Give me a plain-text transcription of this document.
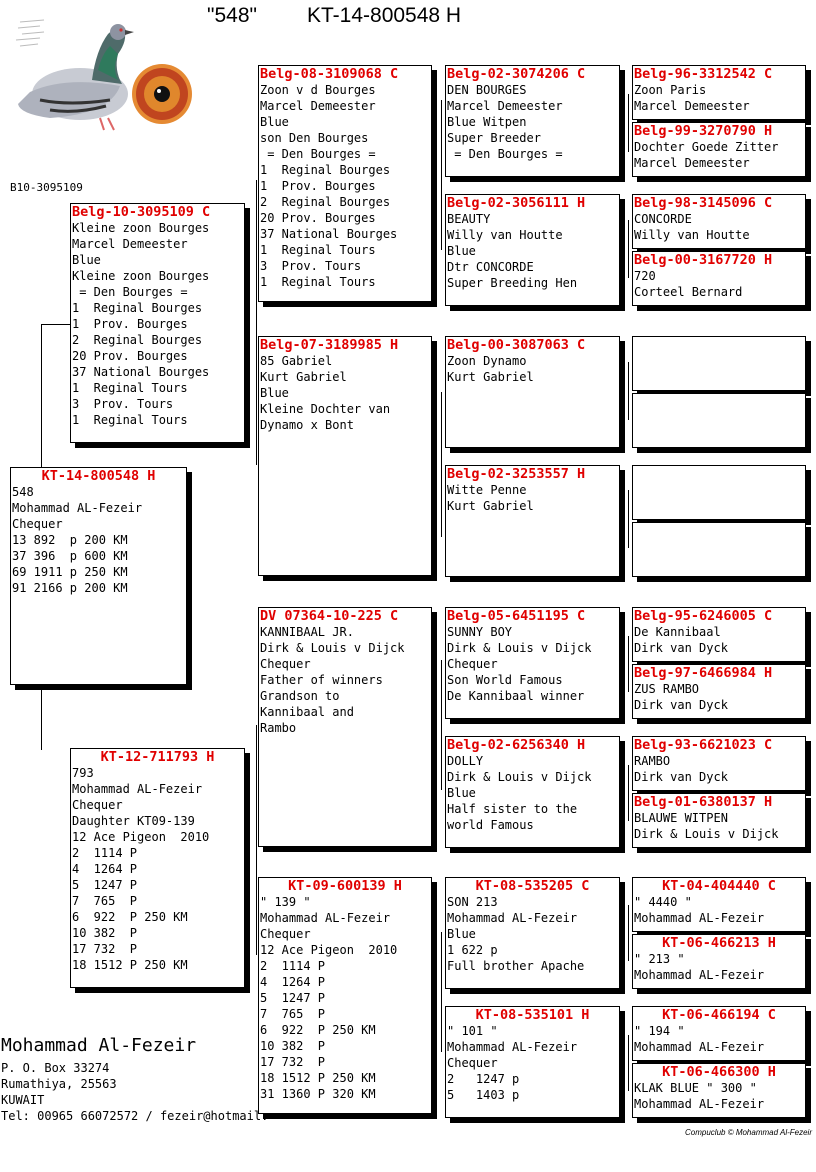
"548" KT-14-800548 H
B10-3095109
KT-14-800548 H
548
Mohammad AL-Fezeir
Chequer
13 892  p 200 KM
37 396  p 600 KM
69 1911 p 250 KM
91 2166 p 200 KM
Belg-10-3095109 C
Kleine zoon Bourges
Marcel Demeester
Blue
Kleine zoon Bourges
= Den Bourges =
1  Reginal Bourges
1  Prov. Bourges
2  Reginal Bourges
20 Prov. Bourges
37 National Bourges
1  Reginal Tours
3  Prov. Tours
1  Reginal Tours
KT-12-711793 H
793
Mohammad AL-Fezeir
Chequer
Daughter KT09-139
12 Ace Pigeon  2010
2  1114 P
4  1264 P
5  1247 P
7  765  P
6  922  P 250 KM
10 382  P
17 732  P
18 1512 P 250 KM
Belg-08-3109068 C
Zoon v d Bourges
Marcel Demeester
Blue
son Den Bourges
= Den Bourges =
1  Reginal Bourges
1  Prov. Bourges
2  Reginal Bourges
20 Prov. Bourges
37 National Bourges
1  Reginal Tours
3  Prov. Tours
1  Reginal Tours
Belg-07-3189985 H
85 Gabriel
Kurt Gabriel
Blue
Kleine Dochter van
Dynamo x Bont
DV 07364-10-225 C
KANNIBAAL JR.
Dirk & Louis v Dijck
Chequer
Father of winners
Grandson to
Kannibaal and
Rambo
KT-09-600139 H
" 139 "
Mohammad AL-Fezeir
Chequer
12 Ace Pigeon  2010
2  1114 P
4  1264 P
5  1247 P
7  765  P
6  922  P 250 KM
10 382  P
17 732  P
18 1512 P 250 KM
31 1360 P 320 KM
Belg-02-3074206 C
DEN BOURGES
Marcel Demeester
Blue Witpen
Super Breeder
= Den Bourges =
Belg-02-3056111 H
BEAUTY
Willy van Houtte
Blue
Dtr CONCORDE
Super Breeding Hen
Belg-00-3087063 C
Zoon Dynamo
Kurt Gabriel
Belg-02-3253557 H
Witte Penne
Kurt Gabriel
Belg-05-6451195 C
SUNNY BOY
Dirk & Louis v Dijck
Chequer
Son World Famous
De Kannibaal winner
Belg-02-6256340 H
DOLLY
Dirk & Louis v Dijck
Blue
Half sister to the
world Famous
KT-08-535205 C
SON 213
Mohammad AL-Fezeir
Blue
1 622 p
Full brother Apache
KT-08-535101 H
" 101 "
Mohammad AL-Fezeir
Chequer
2   1247 p
5   1403 p
Belg-96-3312542 C
Zoon Paris
Marcel Demeester
Belg-99-3270790 H
Dochter Goede Zitter
Marcel Demeester
Belg-98-3145096 C
CONCORDE
Willy van Houtte
Belg-00-3167720 H
720
Corteel Bernard
Belg-95-6246005 C
De Kannibaal
Dirk van Dyck
Belg-97-6466984 H
ZUS RAMBO
Dirk van Dyck
Belg-93-6621023 C
RAMBO
Dirk van Dyck
Belg-01-6380137 H
BLAUWE WITPEN
Dirk & Louis v Dijck
KT-04-404440 C
" 4440 "
Mohammad AL-Fezeir
KT-06-466213 H
" 213 "
Mohammad AL-Fezeir
KT-06-466194 C
" 194 "
Mohammad AL-Fezeir
KT-06-466300 H
KLAK BLUE " 300 "
Mohammad AL-Fezeir
Mohammad Al-Fezeir
P. O. Box 33274
Rumathiya, 25563
KUWAIT
Tel: 00965 66072572 / fezeir@hotmail.
Compuclub © Mohammad Al-Fezeir
